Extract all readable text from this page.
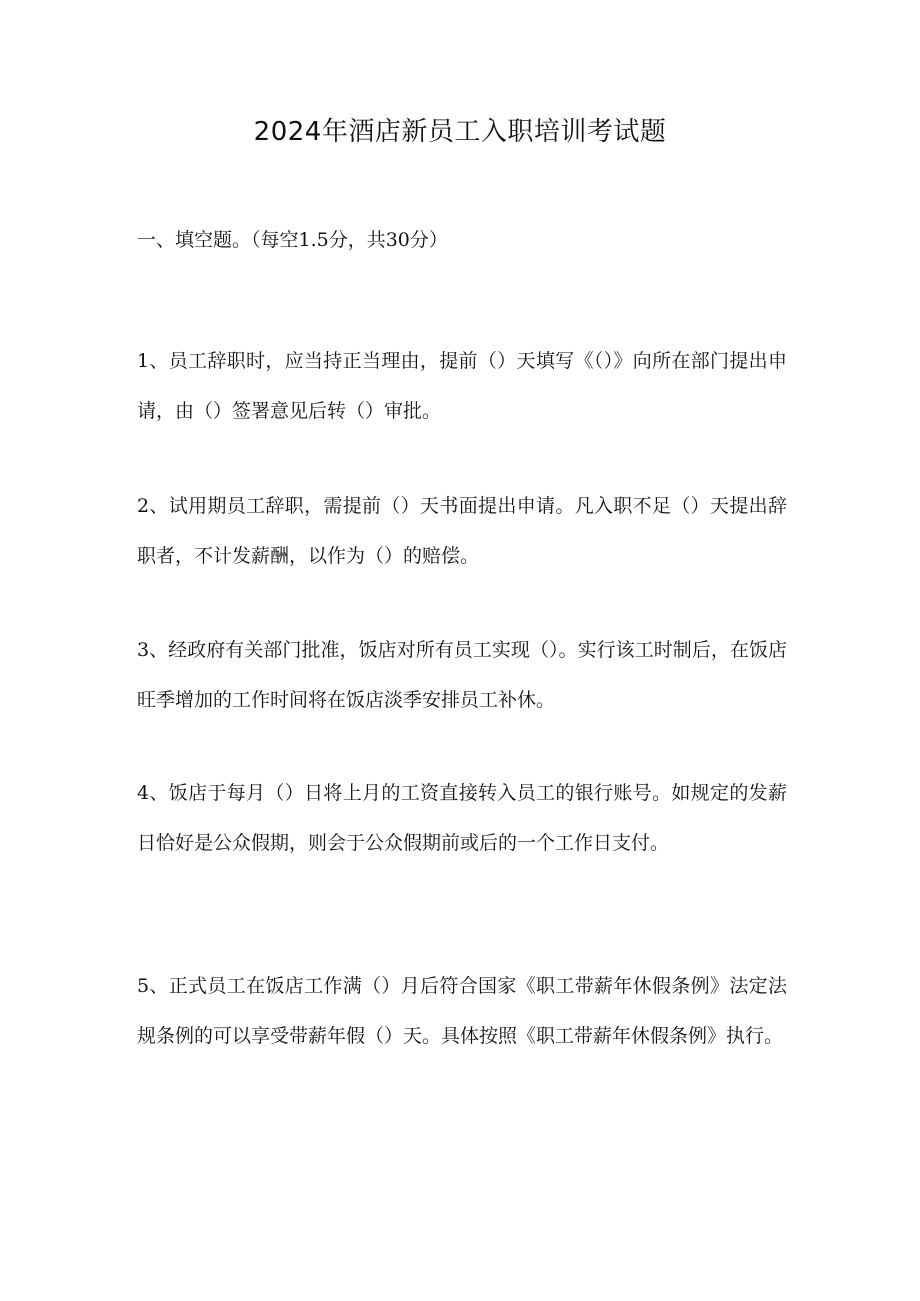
2024年酒店新员工入职培训考试题

一、填空题。（每空1.5分，共30分）

1、员工辞职时，应当持正当理由，提前（）天填写《（）》向所在部门提出申请，由（）签署意见后转（）审批。

2、试用期员工辞职，需提前（）天书面提出申请。凡入职不足（）天提出辞职者，不计发薪酬，以作为（）的赔偿。

3、经政府有关部门批准，饭店对所有员工实现（）。实行该工时制后，在饭店旺季增加的工作时间将在饭店淡季安排员工补休。

4、饭店于每月（）日将上月的工资直接转入员工的银行账号。如规定的发薪日恰好是公众假期，则会于公众假期前或后的一个工作日支付。

5、正式员工在饭店工作满（）月后符合国家《职工带薪年休假条例》法定法规条例的可以享受带薪年假（）天。具体按照《职工带薪年休假条例》执行。
